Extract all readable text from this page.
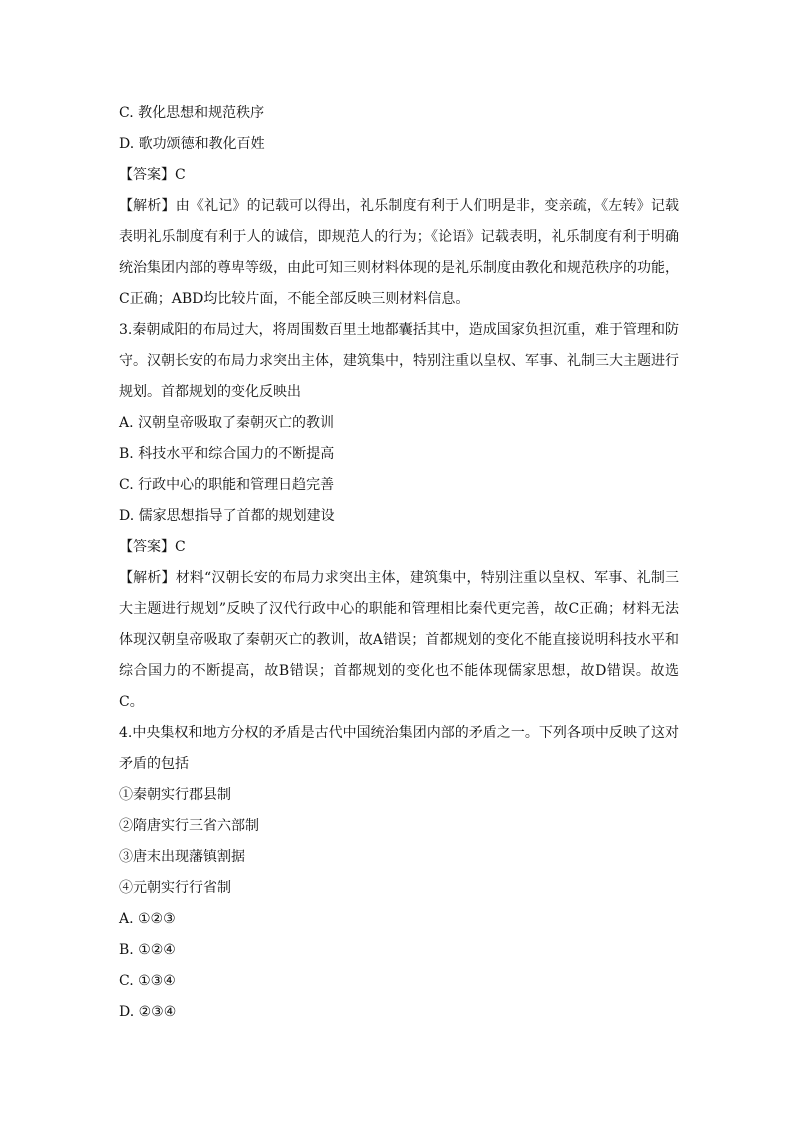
C. 教化思想和规范秩序

D. 歌功颂德和教化百姓

【答案】C

【解析】由《礼记》的记载可以得出，礼乐制度有利于人们明是非，变亲疏，《左转》记载表明礼乐制度有利于人的诚信，即规范人的行为；《论语》记载表明，礼乐制度有利于明确统治集团内部的尊卑等级，由此可知三则材料体现的是礼乐制度由教化和规范秩序的功能，C正确；ABD均比较片面，不能全部反映三则材料信息。

3.秦朝咸阳的布局过大，将周围数百里土地都囊括其中，造成国家负担沉重，难于管理和防守。汉朝长安的布局力求突出主体，建筑集中，特别注重以皇权、军事、礼制三大主题进行规划。首都规划的变化反映出

A. 汉朝皇帝吸取了秦朝灭亡的教训

B. 科技水平和综合国力的不断提高

C. 行政中心的职能和管理日趋完善

D. 儒家思想指导了首都的规划建设

【答案】C

【解析】材料“汉朝长安的布局力求突出主体，建筑集中，特别注重以皇权、军事、礼制三大主题进行规划”反映了汉代行政中心的职能和管理相比秦代更完善，故C正确；材料无法体现汉朝皇帝吸取了秦朝灭亡的教训，故A错误；首都规划的变化不能直接说明科技水平和综合国力的不断提高，故B错误；首都规划的变化也不能体现儒家思想，故D错误。故选C。

4.中央集权和地方分权的矛盾是古代中国统治集团内部的矛盾之一。下列各项中反映了这对矛盾的包括

①秦朝实行郡县制

②隋唐实行三省六部制

③唐末出现藩镇割据

④元朝实行行省制

A. ①②③

B. ①②④

C. ①③④

D. ②③④
